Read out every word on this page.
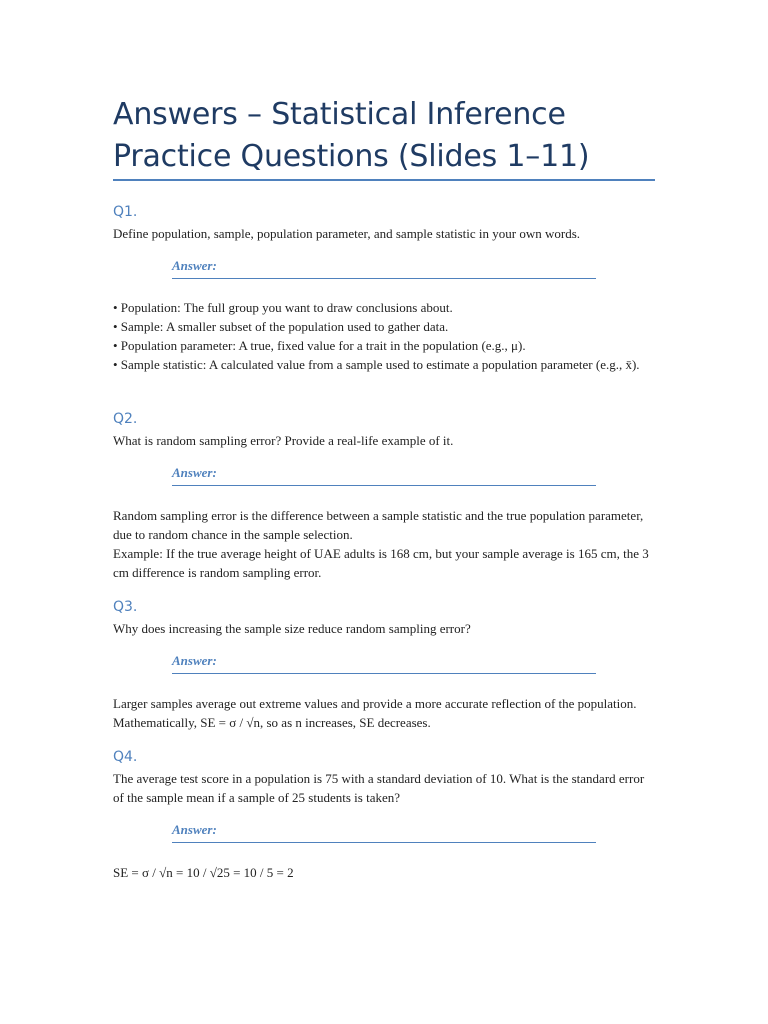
Answers – Statistical Inference Practice Questions (Slides 1–11)
Q1.

Define population, sample, population parameter, and sample statistic in your own words.

Answer:
• Population: The full group you want to draw conclusions about.
• Sample: A smaller subset of the population used to gather data.
• Population parameter: A true, fixed value for a trait in the population (e.g., μ).
• Sample statistic: A calculated value from a sample used to estimate a population parameter (e.g., x̄).
Q2.

What is random sampling error? Provide a real-life example of it.

Answer:
Random sampling error is the difference between a sample statistic and the true population parameter, due to random chance in the sample selection.
Example: If the true average height of UAE adults is 168 cm, but your sample average is 165 cm, the 3 cm difference is random sampling error.
Q3.

Why does increasing the sample size reduce random sampling error?

Answer:
Larger samples average out extreme values and provide a more accurate reflection of the population. Mathematically, SE = σ / √n, so as n increases, SE decreases.
Q4.

The average test score in a population is 75 with a standard deviation of 10. What is the standard error of the sample mean if a sample of 25 students is taken?

Answer:
SE = σ / √n = 10 / √25 = 10 / 5 = 2
